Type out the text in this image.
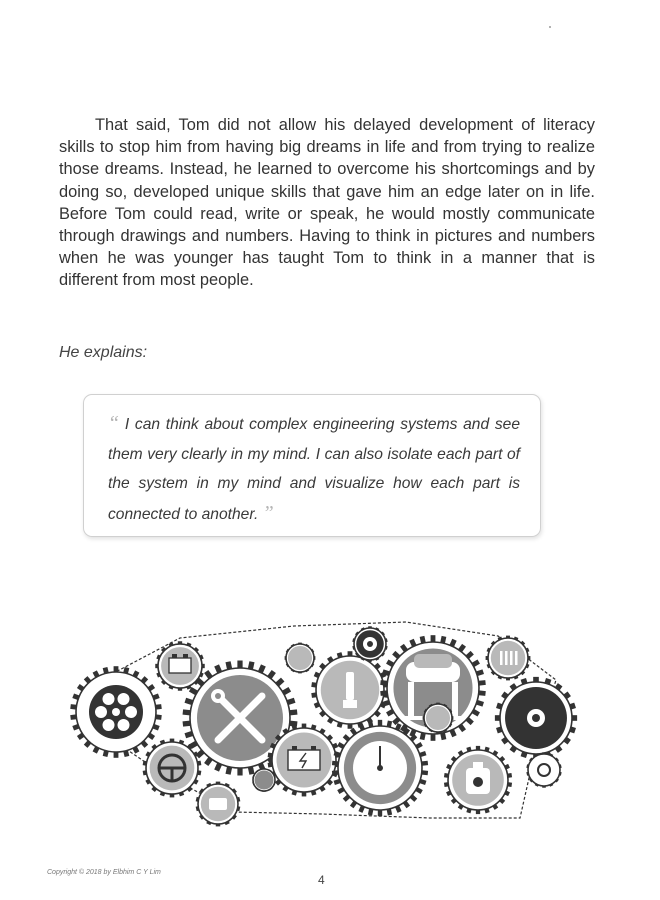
That said, Tom did not allow his delayed development of literacy skills to stop him from having big dreams in life and from trying to realize those dreams. Instead, he learned to overcome his shortcomings and by doing so, developed unique skills that gave him an edge later on in life. Before Tom could read, write or speak, he would mostly communicate through drawings and numbers. Having to think in pictures and numbers when he was younger has taught Tom to think in a manner that is different from most people.

He explains:

“ I can think about complex engineering systems and see them very clearly in my mind. I can also isolate each part of the system in my mind and visualize how each part is connected to another. ”

Copyright © 2018 by Elbhim C Y Lim
4
